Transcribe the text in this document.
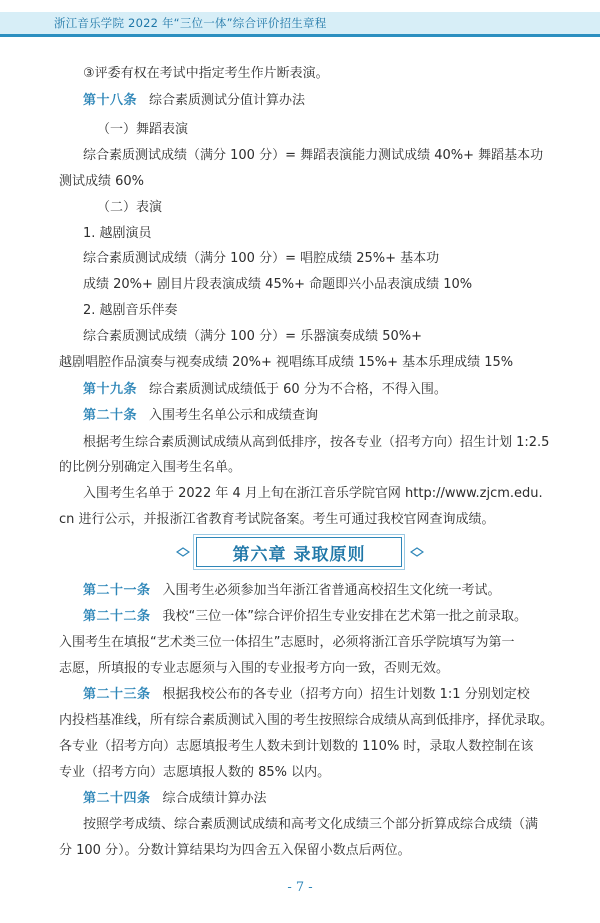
浙江音乐学院 2022 年“三位一体”综合评价招生章程
③评委有权在考试中指定考生作片断表演。
第十八条 综合素质测试分值计算办法
（一）舞蹈表演
综合素质测试成绩（满分 100 分）= 舞蹈表演能力测试成绩 40%+ 舞蹈基本功
测试成绩 60%
（二）表演
1. 越剧演员
综合素质测试成绩（满分 100 分）= 唱腔成绩 25%+ 基本功
成绩 20%+ 剧目片段表演成绩 45%+ 命题即兴小品表演成绩 10%
2. 越剧音乐伴奏
综合素质测试成绩（满分 100 分）= 乐器演奏成绩 50%+
越剧唱腔作品演奏与视奏成绩 20%+ 视唱练耳成绩 15%+ 基本乐理成绩 15%
第十九条 综合素质测试成绩低于 60 分为不合格，不得入围。
第二十条 入围考生名单公示和成绩查询
根据考生综合素质测试成绩从高到低排序，按各专业（招考方向）招生计划 1:2.5
的比例分别确定入围考生名单。
入围考生名单于 2022 年 4 月上旬在浙江音乐学院官网 http://www.zjcm.edu.
cn 进行公示，并报浙江省教育考试院备案。考生可通过我校官网查询成绩。
第六章 录取原则
第二十一条 入围考生必须参加当年浙江省普通高校招生文化统一考试。
第二十二条 我校“三位一体”综合评价招生专业安排在艺术第一批之前录取。
入围考生在填报“艺术类三位一体招生”志愿时，必须将浙江音乐学院填写为第一
志愿，所填报的专业志愿须与入围的专业报考方向一致，否则无效。
第二十三条 根据我校公布的各专业（招考方向）招生计划数 1:1 分别划定校
内投档基准线，所有综合素质测试入围的考生按照综合成绩从高到低排序，择优录取。
各专业（招考方向）志愿填报考生人数未到计划数的 110% 时，录取人数控制在该
专业（招考方向）志愿填报人数的 85% 以内。
第二十四条 综合成绩计算办法
按照学考成绩、综合素质测试成绩和高考文化成绩三个部分折算成综合成绩（满
分 100 分）。分数计算结果均为四舍五入保留小数点后两位。
- 7 -
